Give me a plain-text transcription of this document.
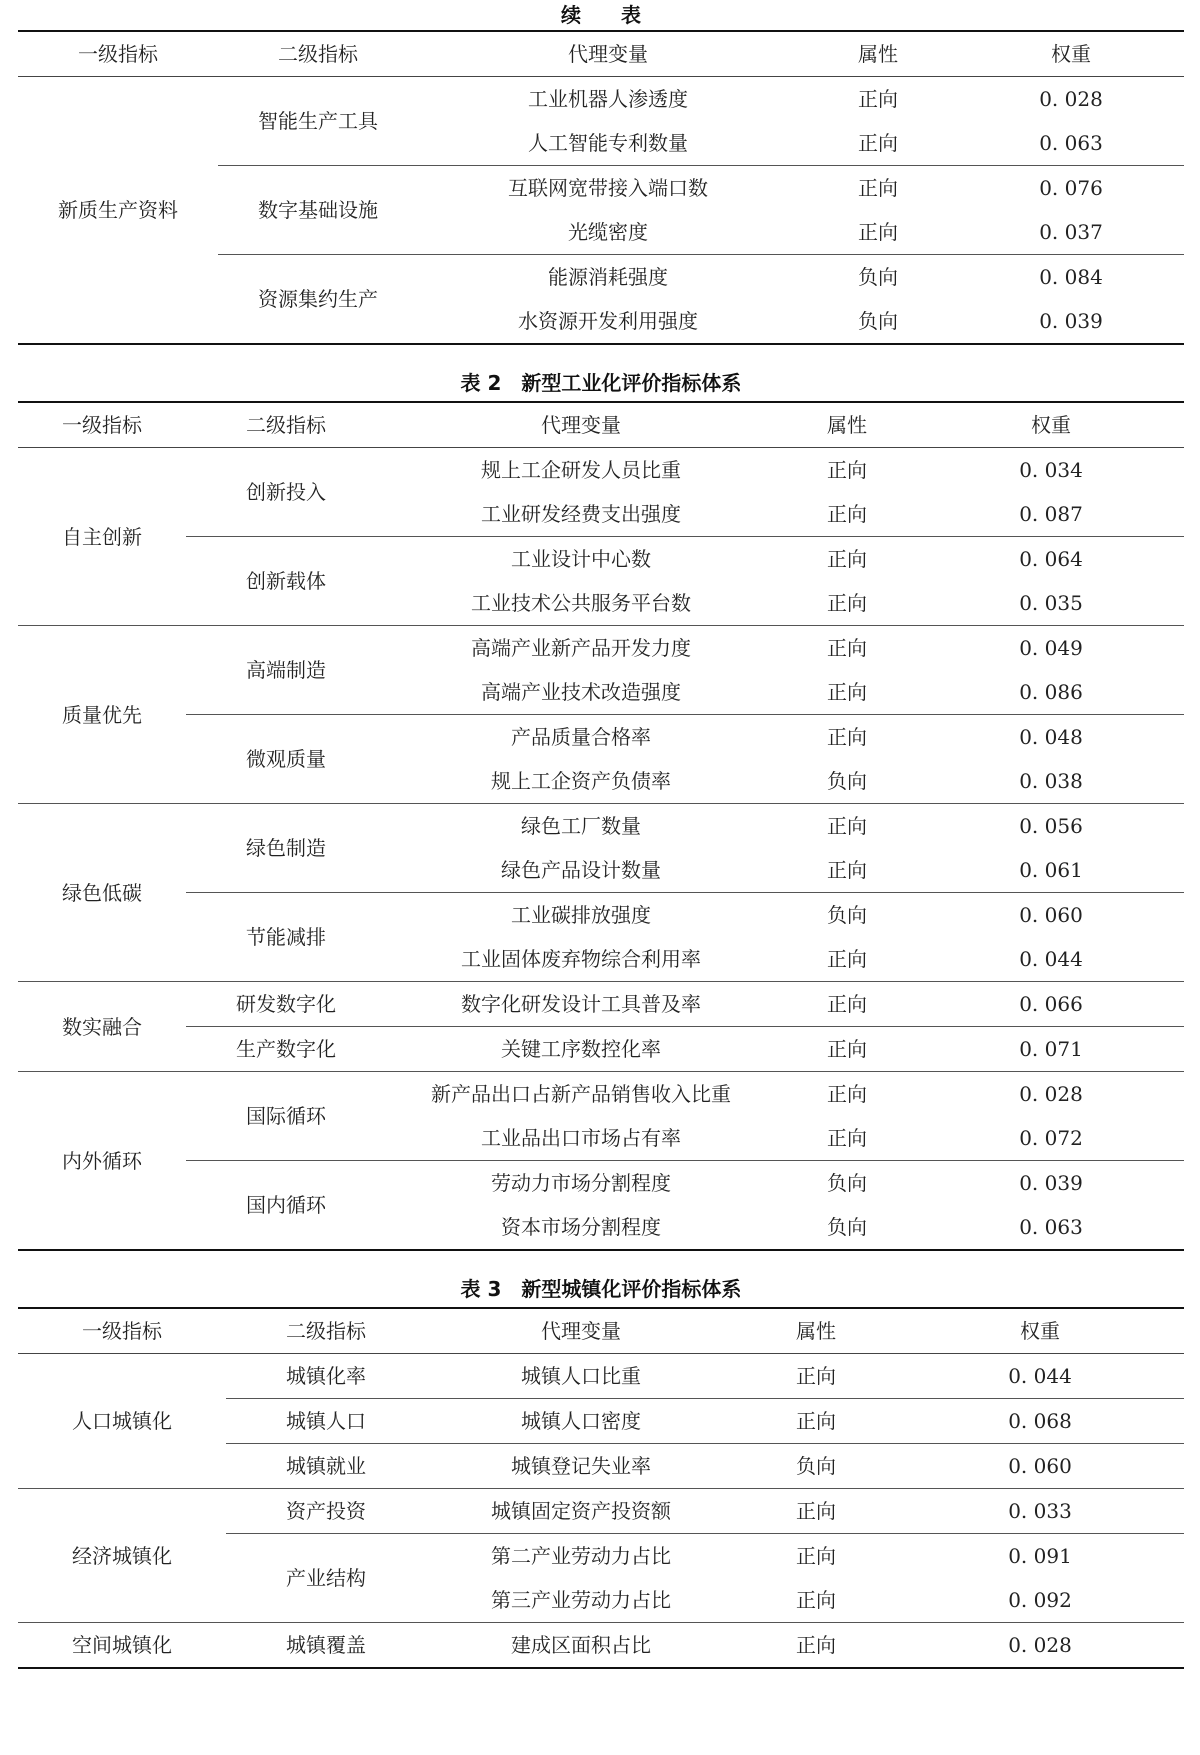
续　　表
一级指标	二级指标	代理变量	属性	权重
新质生产资料	智能生产工具	工业机器人渗透度	正向	0. 028
		人工智能专利数量	正向	0. 063
	数字基础设施	互联网宽带接入端口数	正向	0. 076
		光缆密度	正向	0. 037
	资源集约生产	能源消耗强度	负向	0. 084
		水资源开发利用强度	负向	0. 039
表 2　新型工业化评价指标体系
一级指标	二级指标	代理变量	属性	权重
自主创新	创新投入	规上工企研发人员比重	正向	0. 034
		工业研发经费支出强度	正向	0. 087
	创新载体	工业设计中心数	正向	0. 064
		工业技术公共服务平台数	正向	0. 035
质量优先	高端制造	高端产业新产品开发力度	正向	0. 049
		高端产业技术改造强度	正向	0. 086
	微观质量	产品质量合格率	正向	0. 048
		规上工企资产负债率	负向	0. 038
绿色低碳	绿色制造	绿色工厂数量	正向	0. 056
		绿色产品设计数量	正向	0. 061
	节能减排	工业碳排放强度	负向	0. 060
		工业固体废弃物综合利用率	正向	0. 044
数实融合	研发数字化	数字化研发设计工具普及率	正向	0. 066
	生产数字化	关键工序数控化率	正向	0. 071
内外循环	国际循环	新产品出口占新产品销售收入比重	正向	0. 028
		工业品出口市场占有率	正向	0. 072
	国内循环	劳动力市场分割程度	负向	0. 039
		资本市场分割程度	负向	0. 063
表 3　新型城镇化评价指标体系
一级指标	二级指标	代理变量	属性	权重
人口城镇化	城镇化率	城镇人口比重	正向	0. 044
	城镇人口	城镇人口密度	正向	0. 068
	城镇就业	城镇登记失业率	负向	0. 060
经济城镇化	资产投资	城镇固定资产投资额	正向	0. 033
	产业结构	第二产业劳动力占比	正向	0. 091
		第三产业劳动力占比	正向	0. 092
空间城镇化	城镇覆盖	建成区面积占比	正向	0. 028
